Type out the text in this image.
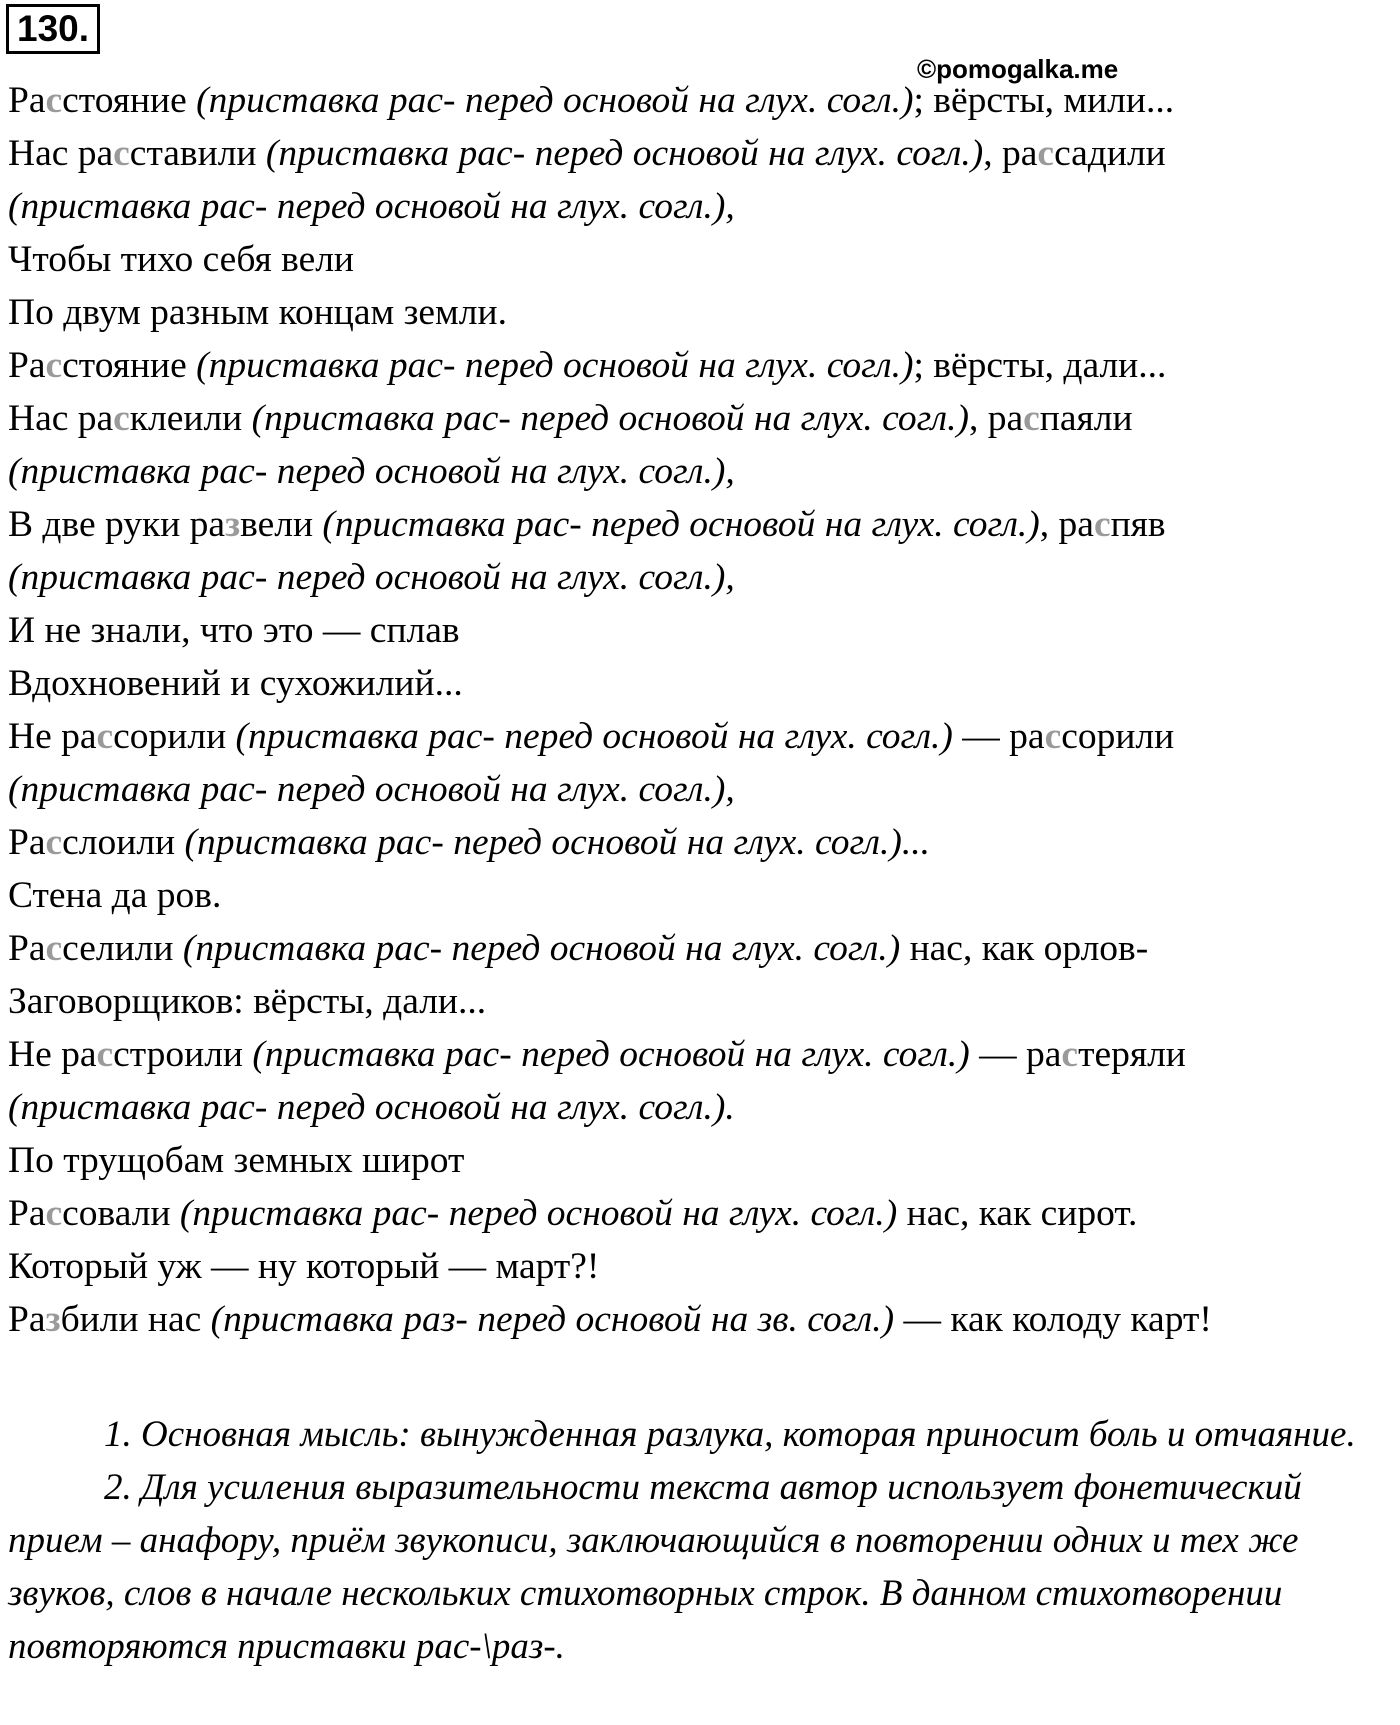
130.
©pomogalka.me
Расстояние (приставка рас- перед основой на глух. согл.); вёрсты, мили...
Нас расставили (приставка рас- перед основой на глух. согл.), рассадили
(приставка рас- перед основой на глух. согл.),
Чтобы тихо себя вели
По двум разным концам земли.
Расстояние (приставка рас- перед основой на глух. согл.); вёрсты, дали...
Нас расклеили (приставка рас- перед основой на глух. согл.), распаяли
(приставка рас- перед основой на глух. согл.),
В две руки развели (приставка рас- перед основой на глух. согл.), распяв
(приставка рас- перед основой на глух. согл.),
И не знали, что это — сплав
Вдохновений и сухожилий...
Не рассорили (приставка рас- перед основой на глух. согл.) — рассорили
(приставка рас- перед основой на глух. согл.),
Расслоили (приставка рас- перед основой на глух. согл.)...
Стена да ров.
Расселили (приставка рас- перед основой на глух. согл.) нас, как орлов-
Заговорщиков: вёрсты, дали...
Не расстроили (приставка рас- перед основой на глух. согл.) — растеряли
(приставка рас- перед основой на глух. согл.).
По трущобам земных широт
Рассовали (приставка рас- перед основой на глух. согл.) нас, как сирот.
Который уж — ну который — март?!
Разбили нас (приставка раз- перед основой на зв. согл.) — как колоду карт!

1. Основная мысль: вынужденная разлука, которая приносит боль и отчаяние.

2. Для усиления выразительности текста автор использует фонетический прием – анафору, приём звукописи, заключающийся в повторении одних и тех же звуков, слов в начале нескольких стихотворных строк. В данном стихотворении повторяются приставки рас-\раз-.
